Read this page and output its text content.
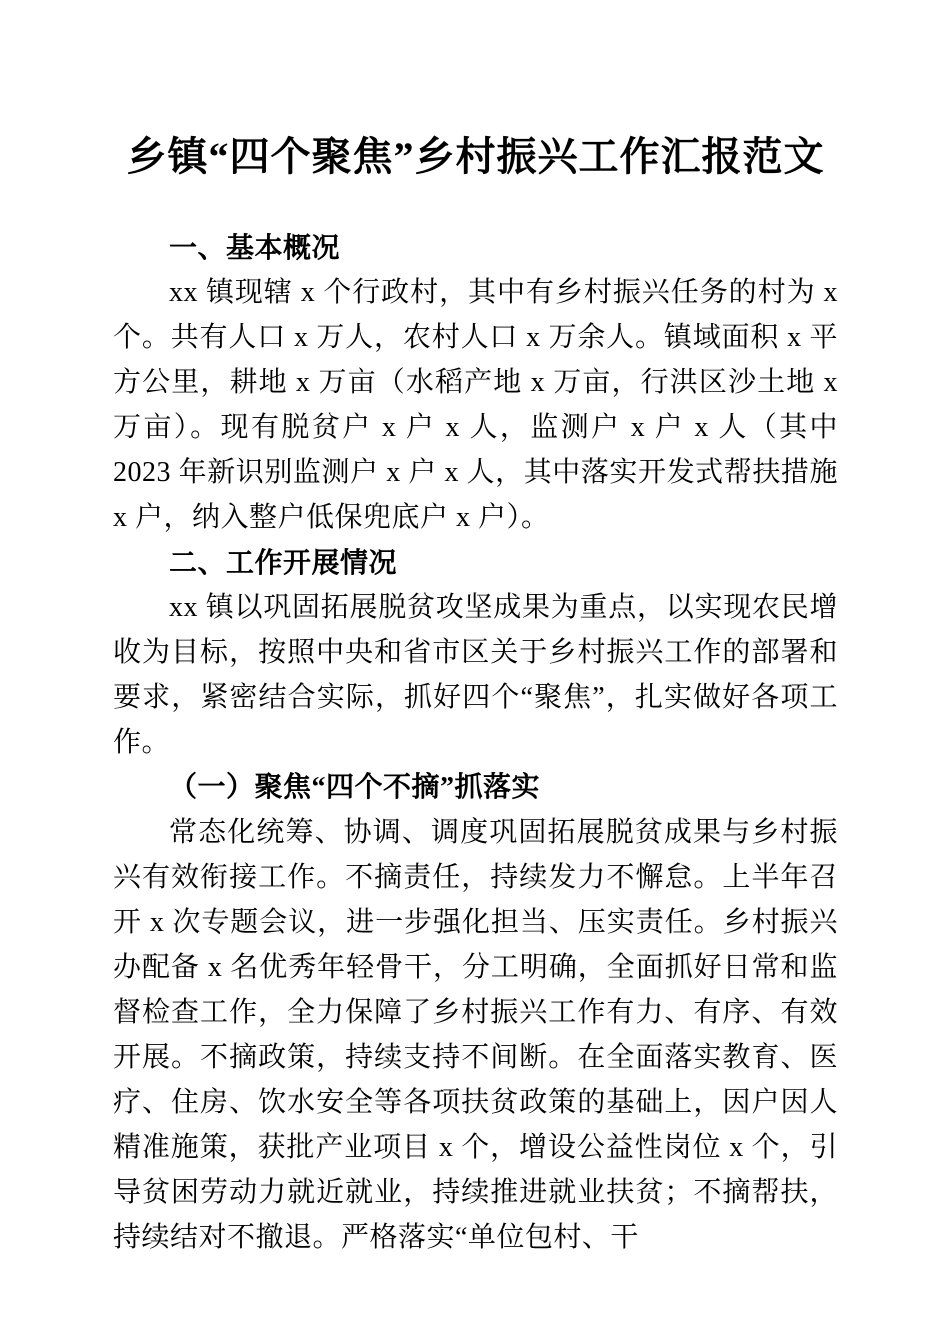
乡镇“四个聚焦”乡村振兴工作汇报范文
一、基本概况

xx 镇现辖 x 个行政村，其中有乡村振兴任务的村为 x 个。共有人口 x 万人，农村人口 x 万余人。镇域面积 x 平方公里，耕地 x 万亩（水稻产地 x 万亩，行洪区沙土地 x 万亩）。现有脱贫户 x 户 x 人，监测户 x 户 x 人（其中 2023 年新识别监测户 x 户 x 人，其中落实开发式帮扶措施 x 户，纳入整户低保兜底户 x 户）。

二、工作开展情况

xx 镇以巩固拓展脱贫攻坚成果为重点，以实现农民增收为目标，按照中央和省市区关于乡村振兴工作的部署和要求，紧密结合实际，抓好四个“聚焦”，扎实做好各项工作。

（一）聚焦“四个不摘”抓落实

常态化统筹、协调、调度巩固拓展脱贫成果与乡村振兴有效衔接工作。不摘责任，持续发力不懈怠。上半年召开 x 次专题会议，进一步强化担当、压实责任。乡村振兴办配备 x 名优秀年轻骨干，分工明确，全面抓好日常和监督检查工作，全力保障了乡村振兴工作有力、有序、有效开展。不摘政策，持续支持不间断。在全面落实教育、医疗、住房、饮水安全等各项扶贫政策的基础上，因户因人精准施策，获批产业项目 x 个，增设公益性岗位 x 个，引导贫困劳动力就近就业，持续推进就业扶贫；不摘帮扶，持续结对不撤退。严格落实“单位包村、干
